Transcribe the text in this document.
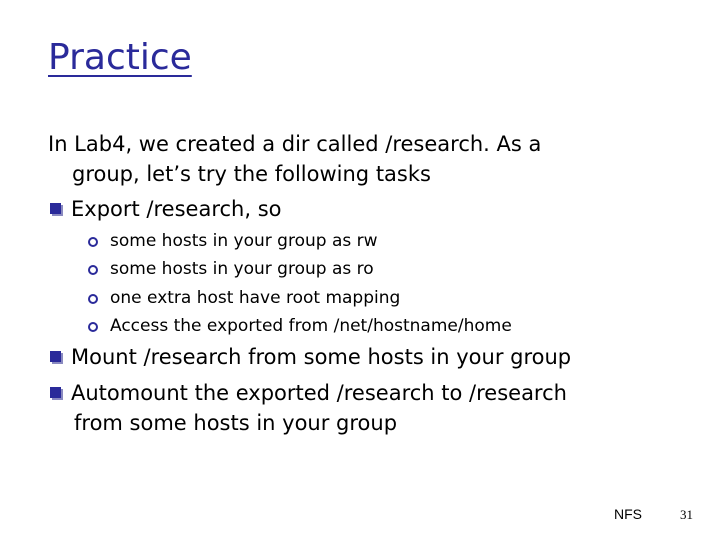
Practice
In Lab4, we created a dir called /research. As a
group, let’s try the following tasks
Export /research, so
some hosts in your group as rw
some hosts in your group as ro
one extra host have root mapping
Access the exported from /net/hostname/home
Mount /research from some hosts in your group
Automount the exported /research to /research
from some hosts in your group
NFS	31
